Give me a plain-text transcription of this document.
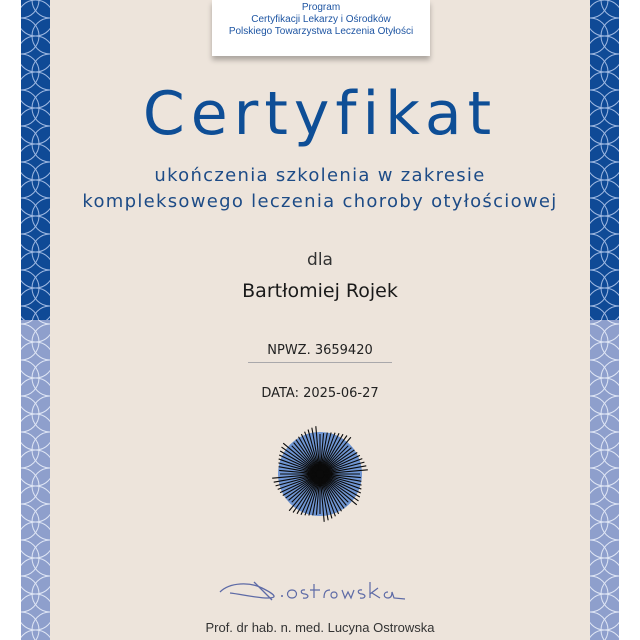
Program
Certyfikacji Lekarzy i Ośrodków
Polskiego Towarzystwa Leczenia Otyłości
Certyfikat
ukończenia szkolenia w zakresie
kompleksowego leczenia choroby otyłościowej
dla
Bartłomiej Rojek
NPWZ. 3659420
DATA: 2025-06-27
Prof. dr hab. n. med. Lucyna Ostrowska
